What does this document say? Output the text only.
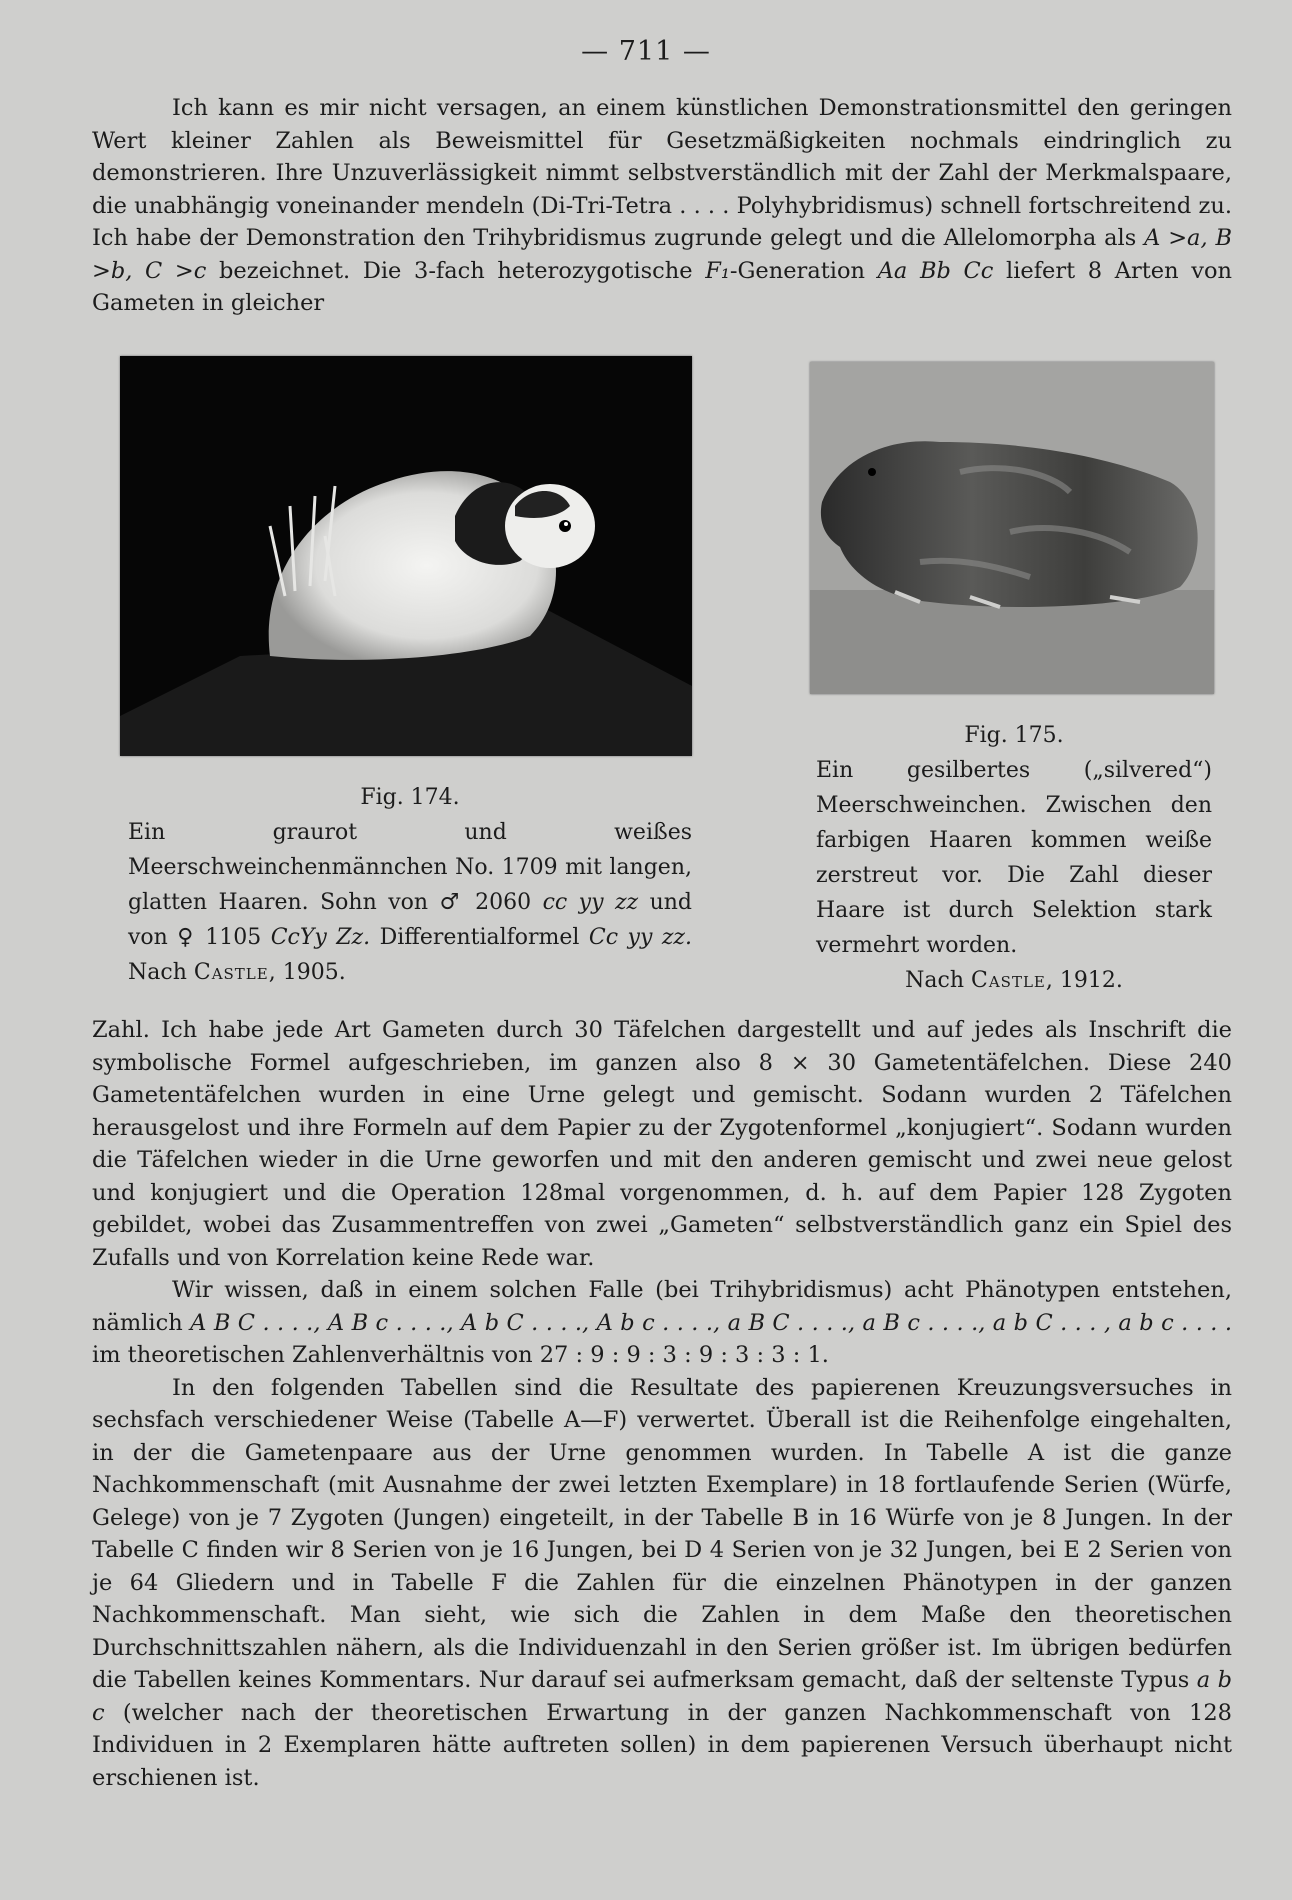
— 711 —

Ich kann es mir nicht versagen, an einem künstlichen Demonstrationsmittel den geringen Wert kleiner Zahlen als Beweismittel für Gesetzmäßigkeiten nochmals eindringlich zu demonstrieren. Ihre Unzuverlässigkeit nimmt selbstverständlich mit der Zahl der Merkmalspaare, die unabhängig voneinander mendeln (Di-Tri-Tetra . . . . Polyhybridismus) schnell fortschreitend zu. Ich habe der Demonstration den Trihybridismus zugrunde gelegt und die Allelomorpha als A >a, B >b, C >c bezeichnet. Die 3-fach heterozygotische F₁-Generation Aa Bb Cc liefert 8 Arten von Gameten in gleicher

Fig. 174.
Ein graurot und weißes Meerschweinchenmännchen No. 1709 mit langen, glatten Haaren. Sohn von ♂ 2060 cc yy zz und von ♀ 1105 CcYy Zz. Differentialformel Cc yy zz. Nach Castle, 1905.
Fig. 175.
Ein gesilbertes („silvered“) Meerschweinchen. Zwischen den farbigen Haaren kommen weiße zerstreut vor. Die Zahl dieser Haare ist durch Selektion stark vermehrt worden.
Nach Castle, 1912.

Zahl. Ich habe jede Art Gameten durch 30 Täfelchen dargestellt und auf jedes als Inschrift die symbolische Formel aufgeschrieben, im ganzen also 8 × 30 Gametentäfelchen. Diese 240 Gametentäfelchen wurden in eine Urne gelegt und gemischt. Sodann wurden 2 Täfelchen herausgelost und ihre Formeln auf dem Papier zu der Zygotenformel „konjugiert“. Sodann wurden die Täfelchen wieder in die Urne geworfen und mit den anderen gemischt und zwei neue gelost und konjugiert und die Operation 128mal vorgenommen, d. h. auf dem Papier 128 Zygoten gebildet, wobei das Zusammentreffen von zwei „Gameten“ selbstverständlich ganz ein Spiel des Zufalls und von Korrelation keine Rede war.

Wir wissen, daß in einem solchen Falle (bei Trihybridismus) acht Phänotypen entstehen, nämlich A B C . . . ., A B c . . . ., A b C . . . ., A b c . . . ., a B C . . . ., a B c . . . ., a b C . . . , a b c . . . . im theoretischen Zahlenverhältnis von 27 : 9 : 9 : 3 : 9 : 3 : 3 : 1.

In den folgenden Tabellen sind die Resultate des papierenen Kreuzungsversuches in sechsfach verschiedener Weise (Tabelle A—F) verwertet. Überall ist die Reihenfolge eingehalten, in der die Gametenpaare aus der Urne genommen wurden. In Tabelle A ist die ganze Nachkommenschaft (mit Ausnahme der zwei letzten Exemplare) in 18 fortlaufende Serien (Würfe, Gelege) von je 7 Zygoten (Jungen) eingeteilt, in der Tabelle B in 16 Würfe von je 8 Jungen. In der Tabelle C finden wir 8 Serien von je 16 Jungen, bei D 4 Serien von je 32 Jungen, bei E 2 Serien von je 64 Gliedern und in Tabelle F die Zahlen für die einzelnen Phänotypen in der ganzen Nachkommenschaft. Man sieht, wie sich die Zahlen in dem Maße den theoretischen Durchschnittszahlen nähern, als die Individuenzahl in den Serien größer ist. Im übrigen bedürfen die Tabellen keines Kommentars. Nur darauf sei aufmerksam gemacht, daß der seltenste Typus a b c (welcher nach der theoretischen Erwartung in der ganzen Nachkommenschaft von 128 Individuen in 2 Exemplaren hätte auftreten sollen) in dem papierenen Versuch überhaupt nicht erschienen ist.
